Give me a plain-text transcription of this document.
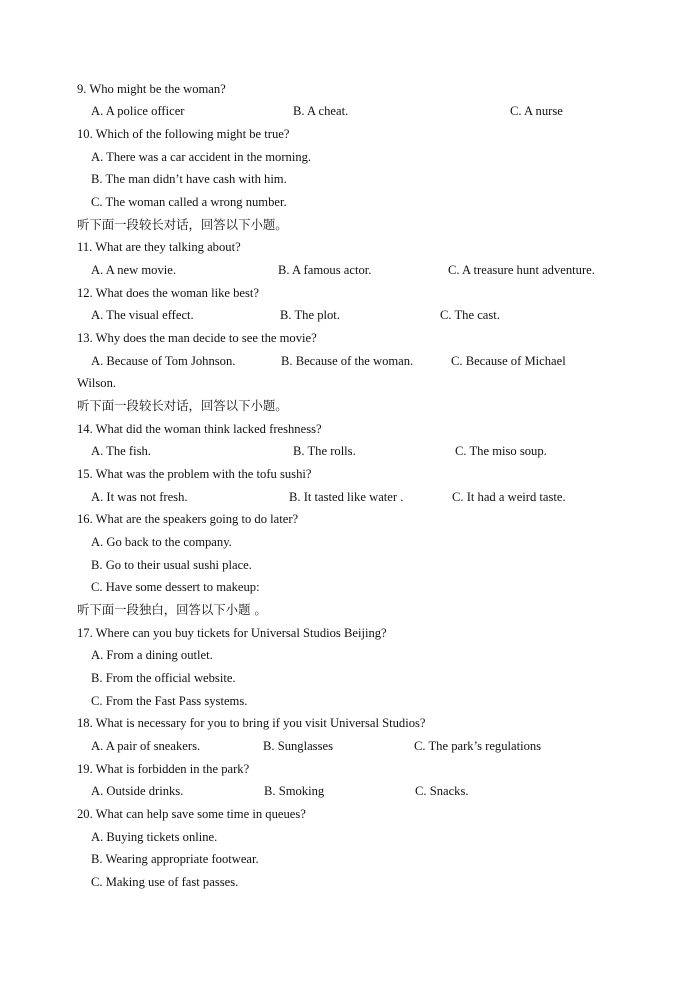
9. Who might be the woman?
A. A police officer	B. A cheat.	C. A nurse
10. Which of the following might be true?
A. There was a car accident in the morning.
B. The man didn’t have cash with him.
C. The woman called a wrong number.
听下面一段较长对话，回答以下小题。
11. What are they talking about?
A. A new movie.	B. A famous actor.	C. A treasure hunt adventure.
12. What does the woman like best?
A. The visual effect.	B. The plot.	C. The cast.
13. Why does the man decide to see the movie?
A. Because of Tom Johnson.	B. Because of the woman.	C. Because of Michael
Wilson.
听下面一段较长对话，回答以下小题。
14. What did the woman think lacked freshness?
A. The fish.	B. The rolls.	C. The miso soup.
15. What was the problem with the tofu sushi?
A. It was not fresh.	B. It tasted like water .	C. It had a weird taste.
16. What are the speakers going to do later?
A. Go back to the company.
B. Go to their usual sushi place.
C. Have some dessert to makeup:
听下面一段独白，回答以下小题 。
17. Where can you buy tickets for Universal Studios Beijing?
A. From a dining outlet.
B. From the official website.
C. From the Fast Pass systems.
18. What is necessary for you to bring if you visit Universal Studios?
A. A pair of sneakers.	B. Sunglasses	C. The park’s regulations
19. What is forbidden in the park?
A. Outside drinks.	B. Smoking	C. Snacks.
20. What can help save some time in queues?
A. Buying tickets online.
B. Wearing appropriate footwear.
C. Making use of fast passes.
